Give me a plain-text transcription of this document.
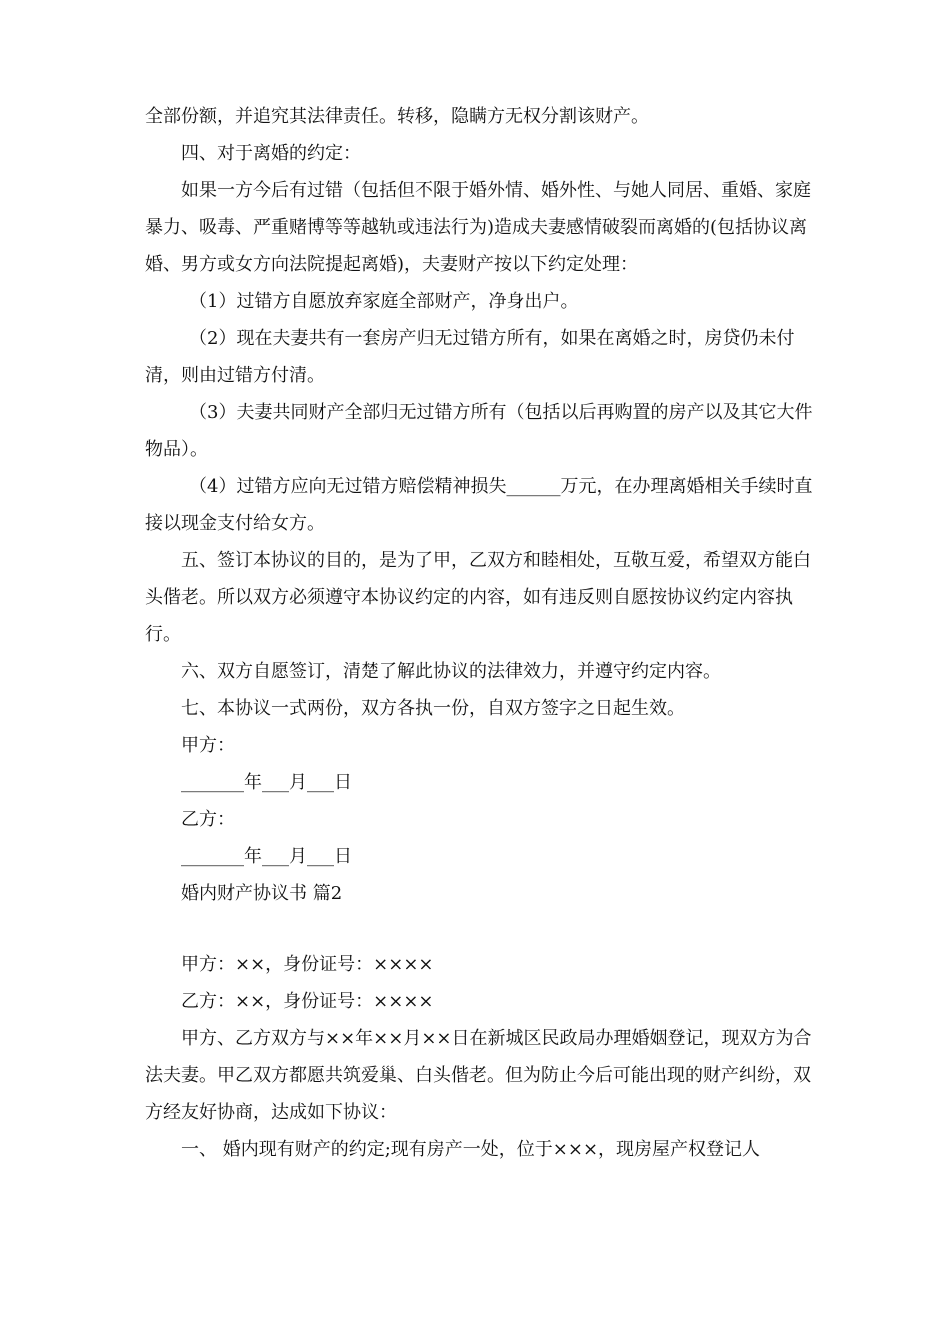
全部份额，并追究其法律责任。转移，隐瞒方无权分割该财产。

四、对于离婚的约定：

如果一方今后有过错（包括但不限于婚外情、婚外性、与她人同居、重婚、家庭暴力、吸毒、严重赌博等等越轨或违法行为)造成夫妻感情破裂而离婚的(包括协议离婚、男方或女方向法院提起离婚)，夫妻财产按以下约定处理：

（1）过错方自愿放弃家庭全部财产，净身出户。

（2）现在夫妻共有一套房产归无过错方所有，如果在离婚之时，房贷仍未付清，则由过错方付清。

（3）夫妻共同财产全部归无过错方所有（包括以后再购置的房产以及其它大件物品）。

（4）过错方应向无过错方赔偿精神损失______万元，在办理离婚相关手续时直接以现金支付给女方。

五、签订本协议的目的，是为了甲，乙双方和睦相处，互敬互爱，希望双方能白头偕老。所以双方必须遵守本协议约定的内容，如有违反则自愿按协议约定内容执行。

六、双方自愿签订，清楚了解此协议的法律效力，并遵守约定内容。

七、本协议一式两份，双方各执一份，自双方签字之日起生效。

甲方：

_______年___月___日

乙方：

_______年___月___日

婚内财产协议书 篇2

甲方：××，身份证号：××××

乙方：××，身份证号：××××

甲方、乙方双方与××年××月××日在新城区民政局办理婚姻登记，现双方为合法夫妻。甲乙双方都愿共筑爱巢、白头偕老。但为防止今后可能出现的财产纠纷，双方经友好协商，达成如下协议：

一、 婚内现有财产的约定;现有房产一处，位于×××，现房屋产权登记人
